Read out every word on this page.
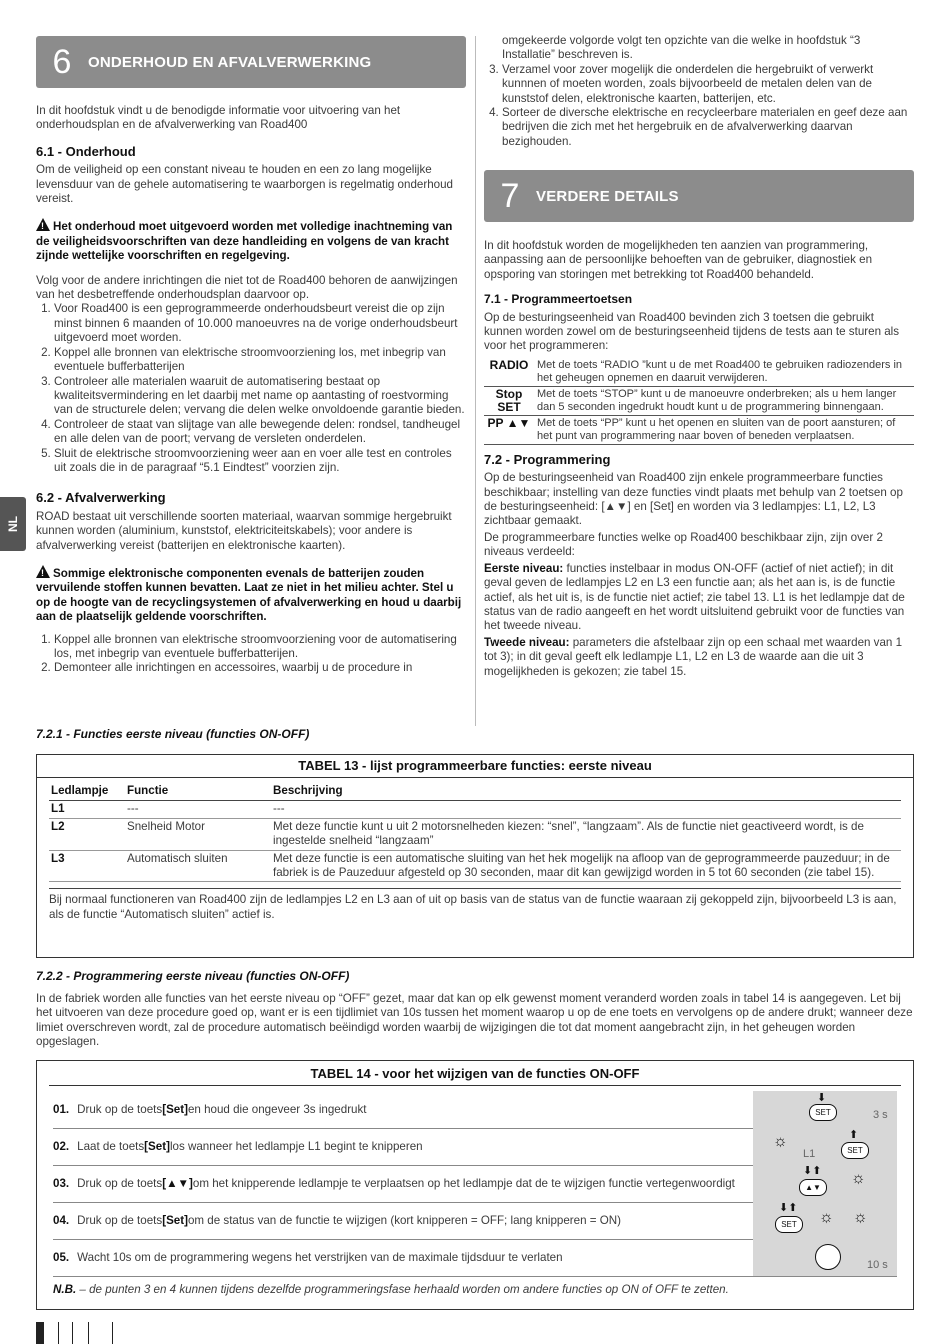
NL
6	ONDERHOUD EN AFVALVERWERKING

In dit hoofdstuk vindt u de benodigde informatie voor uitvoering van het onderhoudsplan en de afvalverwerking van Road400

6.1 - Onderhoud

Om de veiligheid op een constant niveau te houden en een zo lang mogelijke levensduur van de gehele automatisering te waarborgen is regelmatig onderhoud vereist.

!Het onderhoud moet uitgevoerd worden met volledige inachtneming van de veiligheidsvoorschriften van deze handleiding en volgens de van kracht zijnde wettelijke voorschriften en regelgeving.

Volg voor de andere inrichtingen die niet tot de Road400 behoren de aanwijzingen van het desbetreffende onderhoudsplan daarvoor op.

1. Voor Road400 is een geprogrammeerde onderhoudsbeurt vereist die op zijn minst binnen 6 maanden of 10.000 manoeuvres na de vorige onderhoudsbeurt uitgevoerd moet worden.
2. Koppel alle bronnen van elektrische stroomvoorziening los, met inbegrip van eventuele bufferbatterijen
3. Controleer alle materialen waaruit de automatisering bestaat op kwaliteitsvermindering en let daarbij met name op aantasting of roestvorming van de structurele delen; vervang die delen welke onvoldoende garantie bieden.
4. Controleer de staat van slijtage van alle bewegende delen: rondsel, tandheugel en alle delen van de poort; vervang de versleten onderdelen.
5. Sluit de elektrische stroomvoorziening weer aan en voer alle test en controles uit zoals die in de paragraaf “5.1 Eindtest” voorzien zijn.
6.2 - Afvalverwerking

ROAD bestaat uit verschillende soorten materiaal, waarvan sommige hergebruikt kunnen worden (aluminium, kunststof, elektriciteitskabels); voor andere is afvalverwerking vereist (batterijen en elektronische kaarten).

!Sommige elektronische componenten evenals de batterijen zouden vervuilende stoffen kunnen bevatten. Laat ze niet in het milieu achter. Stel u op de hoogte van de recyclingsystemen of afvalverwerking en houd u daarbij aan de plaatselijk geldende voorschriften.

1. Koppel alle bronnen van elektrische stroomvoorziening voor de automatisering los, met inbegrip van eventuele bufferbatterijen.
2. Demonteer alle inrichtingen en accessoires, waarbij u de procedure in

omgekeerde volgorde volgt ten opzichte van die welke in hoofdstuk “3 Installatie” beschreven is.

3. Verzamel voor zover mogelijk die onderdelen die hergebruikt of verwerkt kunnnen of moeten worden, zoals bijvoorbeeld de metalen delen van de kunststof delen, elektronische kaarten, batterijen, etc.
4. Sorteer de diversche elektrische en recycleerbare materialen en geef deze aan bedrijven die zich met het hergebruik en de afvalverwerking daarvan bezighouden.
7	VERDERE DETAILS

In dit hoofdstuk worden de mogelijkheden ten aanzien van programmering, aanpassing aan de persoonlijke behoeften van de gebruiker, diagnostiek en opsporing van storingen met betrekking tot Road400 behandeld.

7.1 - Programmeertoetsen

Op de besturingseenheid van Road400 bevinden zich 3 toetsen die gebruikt kunnen worden zowel om de besturingseenheid tijdens de tests aan te sturen als voor het programmeren:

RADIO	Met de toets “RADIO ”kunt u de met Road400 te gebruiken radiozenders in het geheugen opnemen en daaruit verwijderen.
Stop SET	Met de toets “STOP” kunt u de manoeuvre onderbreken; als u hem langer dan 5 seconden ingedrukt houdt kunt u de programmering binnengaan.
PP ▲▼	Met de toets “PP” kunt u het openen en sluiten van de poort aansturen; of het punt van programmering naar boven of beneden verplaatsen.
7.2 - Programmering

Op de besturingseenheid van Road400 zijn enkele programmeerbare functies beschikbaar; instelling van deze functies vindt plaats met behulp van 2 toetsen op de besturingseenheid: [▲▼] en [Set] en worden via 3 ledlampjes: L1, L2, L3 zichtbaar gemaakt.

De programmeerbare functies welke op Road400 beschikbaar zijn, zijn over 2 niveaus verdeeld:

Eerste niveau: functies instelbaar in modus ON-OFF (actief of niet actief); in dit geval geven de ledlampjes L2 en L3 een functie aan; als het aan is, is de functie actief, als het uit is, is de functie niet actief; zie tabel 13. L1 is het ledlampje dat de status van de radio aangeeft en het wordt uitsluitend gebruikt voor de functies van het tweede niveau.

Tweede niveau: parameters die afstelbaar zijn op een schaal met waarden van 1 tot 3); in dit geval geeft elk ledlampje L1, L2 en L3 de waarde aan die uit 3 mogelijkheden is gekozen; zie tabel 15.

7.2.1 - Functies eerste niveau (functies ON-OFF)
TABEL 13 - lijst programmeerbare functies: eerste niveau
Ledlampje	Functie	Beschrijving
L1	---	---
L2	Snelheid Motor	Met deze functie kunt u uit 2 motorsnelheden kiezen: “snel”, “langzaam”. Als de functie niet geactiveerd wordt, is de ingestelde snelheid “langzaam”
L3	Automatisch sluiten	Met deze functie is een automatische sluiting van het hek mogelijk na afloop van de geprogrammeerde pauzeduur; in de fabriek is de Pauzeduur afgesteld op 30 seconden, maar dit kan gewijzigd worden in 5 tot 60 seconden (zie tabel 15).
Bij normaal functioneren van Road400 zijn de ledlampjes L2 en L3 aan of uit op basis van de status van de functie waaraan zij gekoppeld zijn, bijvoorbeeld L3 is aan, als de functie “Automatisch sluiten” actief is.
7.2.2 - Programmering eerste niveau (functies ON-OFF)
In de fabriek worden alle functies van het eerste niveau op “OFF” gezet, maar dat kan op elk gewenst moment veranderd worden zoals in tabel 14 is aangegeven. Let bij het uitvoeren van deze procedure goed op, want er is een tijdlimiet van 10s tussen het moment waarop u op de ene toets en vervolgens op de andere drukt; wanneer deze limiet overschreven wordt, zal de procedure automatisch beëindigd worden waarbij de wijzigingen die tot dat moment aangebracht zijn, in het geheugen worden opgeslagen.
TABEL 14 - voor het wijzigen van de functies ON-OFF
01. Druk op de toets [Set] en houd die ongeveer 3s ingedrukt
02. Laat de toets [Set] los wanneer het ledlampje L1 begint te knipperen
03. Druk op de toets [▲▼] om het knipperende ledlampje te verplaatsen op het ledlampje dat de te wijzigen functie vertegenwoordigt
04. Druk op de toets [Set] om de status van de functie te wijzigen (kort knipperen = OFF; lang knipperen = ON)
05. Wacht 10s om de programmering wegens het verstrijken van de maximale tijdsduur te verlaten
⬇
SET	3 s
☼
L1
⬆
SET
⬇⬆
▲▼
☼
⬇⬆
SET	☼ ☼
10 s
N.B. – de punten 3 en 4 kunnen tijdens dezelfde programmeringsfase herhaald worden om andere functies op ON of OFF te zetten.
